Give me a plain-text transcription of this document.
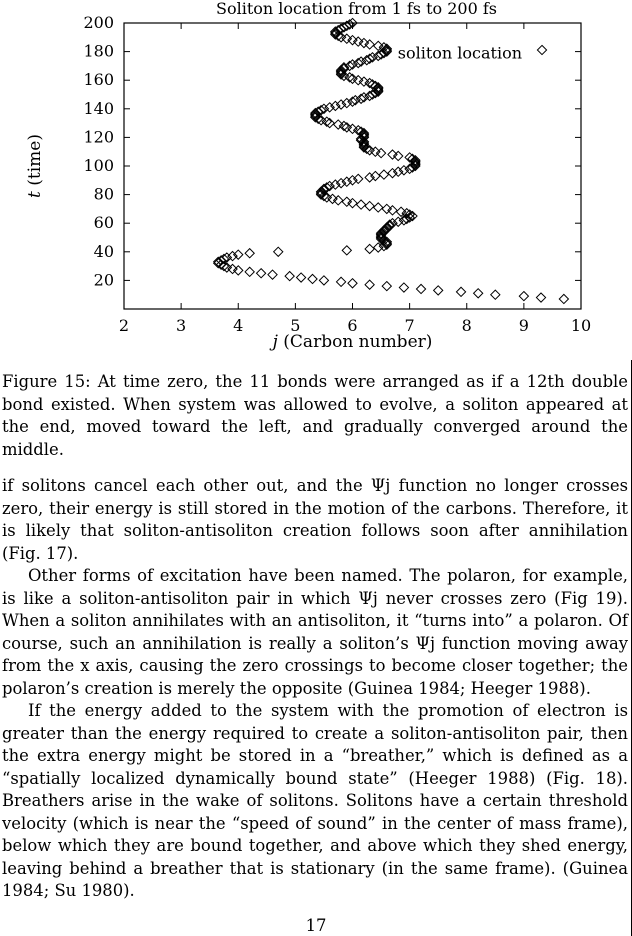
2	3	4	5	6	7	8	9	10
20
40
60
80
100
120
140
160
180
200
Soliton location from 1 fs to 200 fs
j (Carbon number)
t (time)
soliton location

Figure 15: At time zero, the 11 bonds were arranged as if a 12th double bond existed. When system was allowed to evolve, a soliton appeared at the end, moved toward the left, and gradually converged around the middle.

if solitons cancel each other out, and the Ψj function no longer crosses zero, their energy is still stored in the motion of the carbons. Therefore, it is likely that soliton-antisoliton creation follows soon after annihilation (Fig. 17).

Other forms of excitation have been named. The polaron, for example, is like a soliton-antisoliton pair in which Ψj never crosses zero (Fig 19). When a soliton annihilates with an antisoliton, it “turns into” a polaron. Of course, such an annihilation is really a soliton’s Ψj function moving away from the x axis, causing the zero crossings to become closer together; the polaron’s creation is merely the opposite (Guinea 1984; Heeger 1988).

If the energy added to the system with the promotion of electron is greater than the energy required to create a soliton-antisoliton pair, then the extra energy might be stored in a “breather,” which is defined as a “spatially localized dynamically bound state” (Heeger 1988) (Fig. 18). Breathers arise in the wake of solitons. Solitons have a certain threshold velocity (which is near the “speed of sound” in the center of mass frame), below which they are bound together, and above which they shed energy, leaving behind a breather that is stationary (in the same frame). (Guinea 1984; Su 1980).

17
